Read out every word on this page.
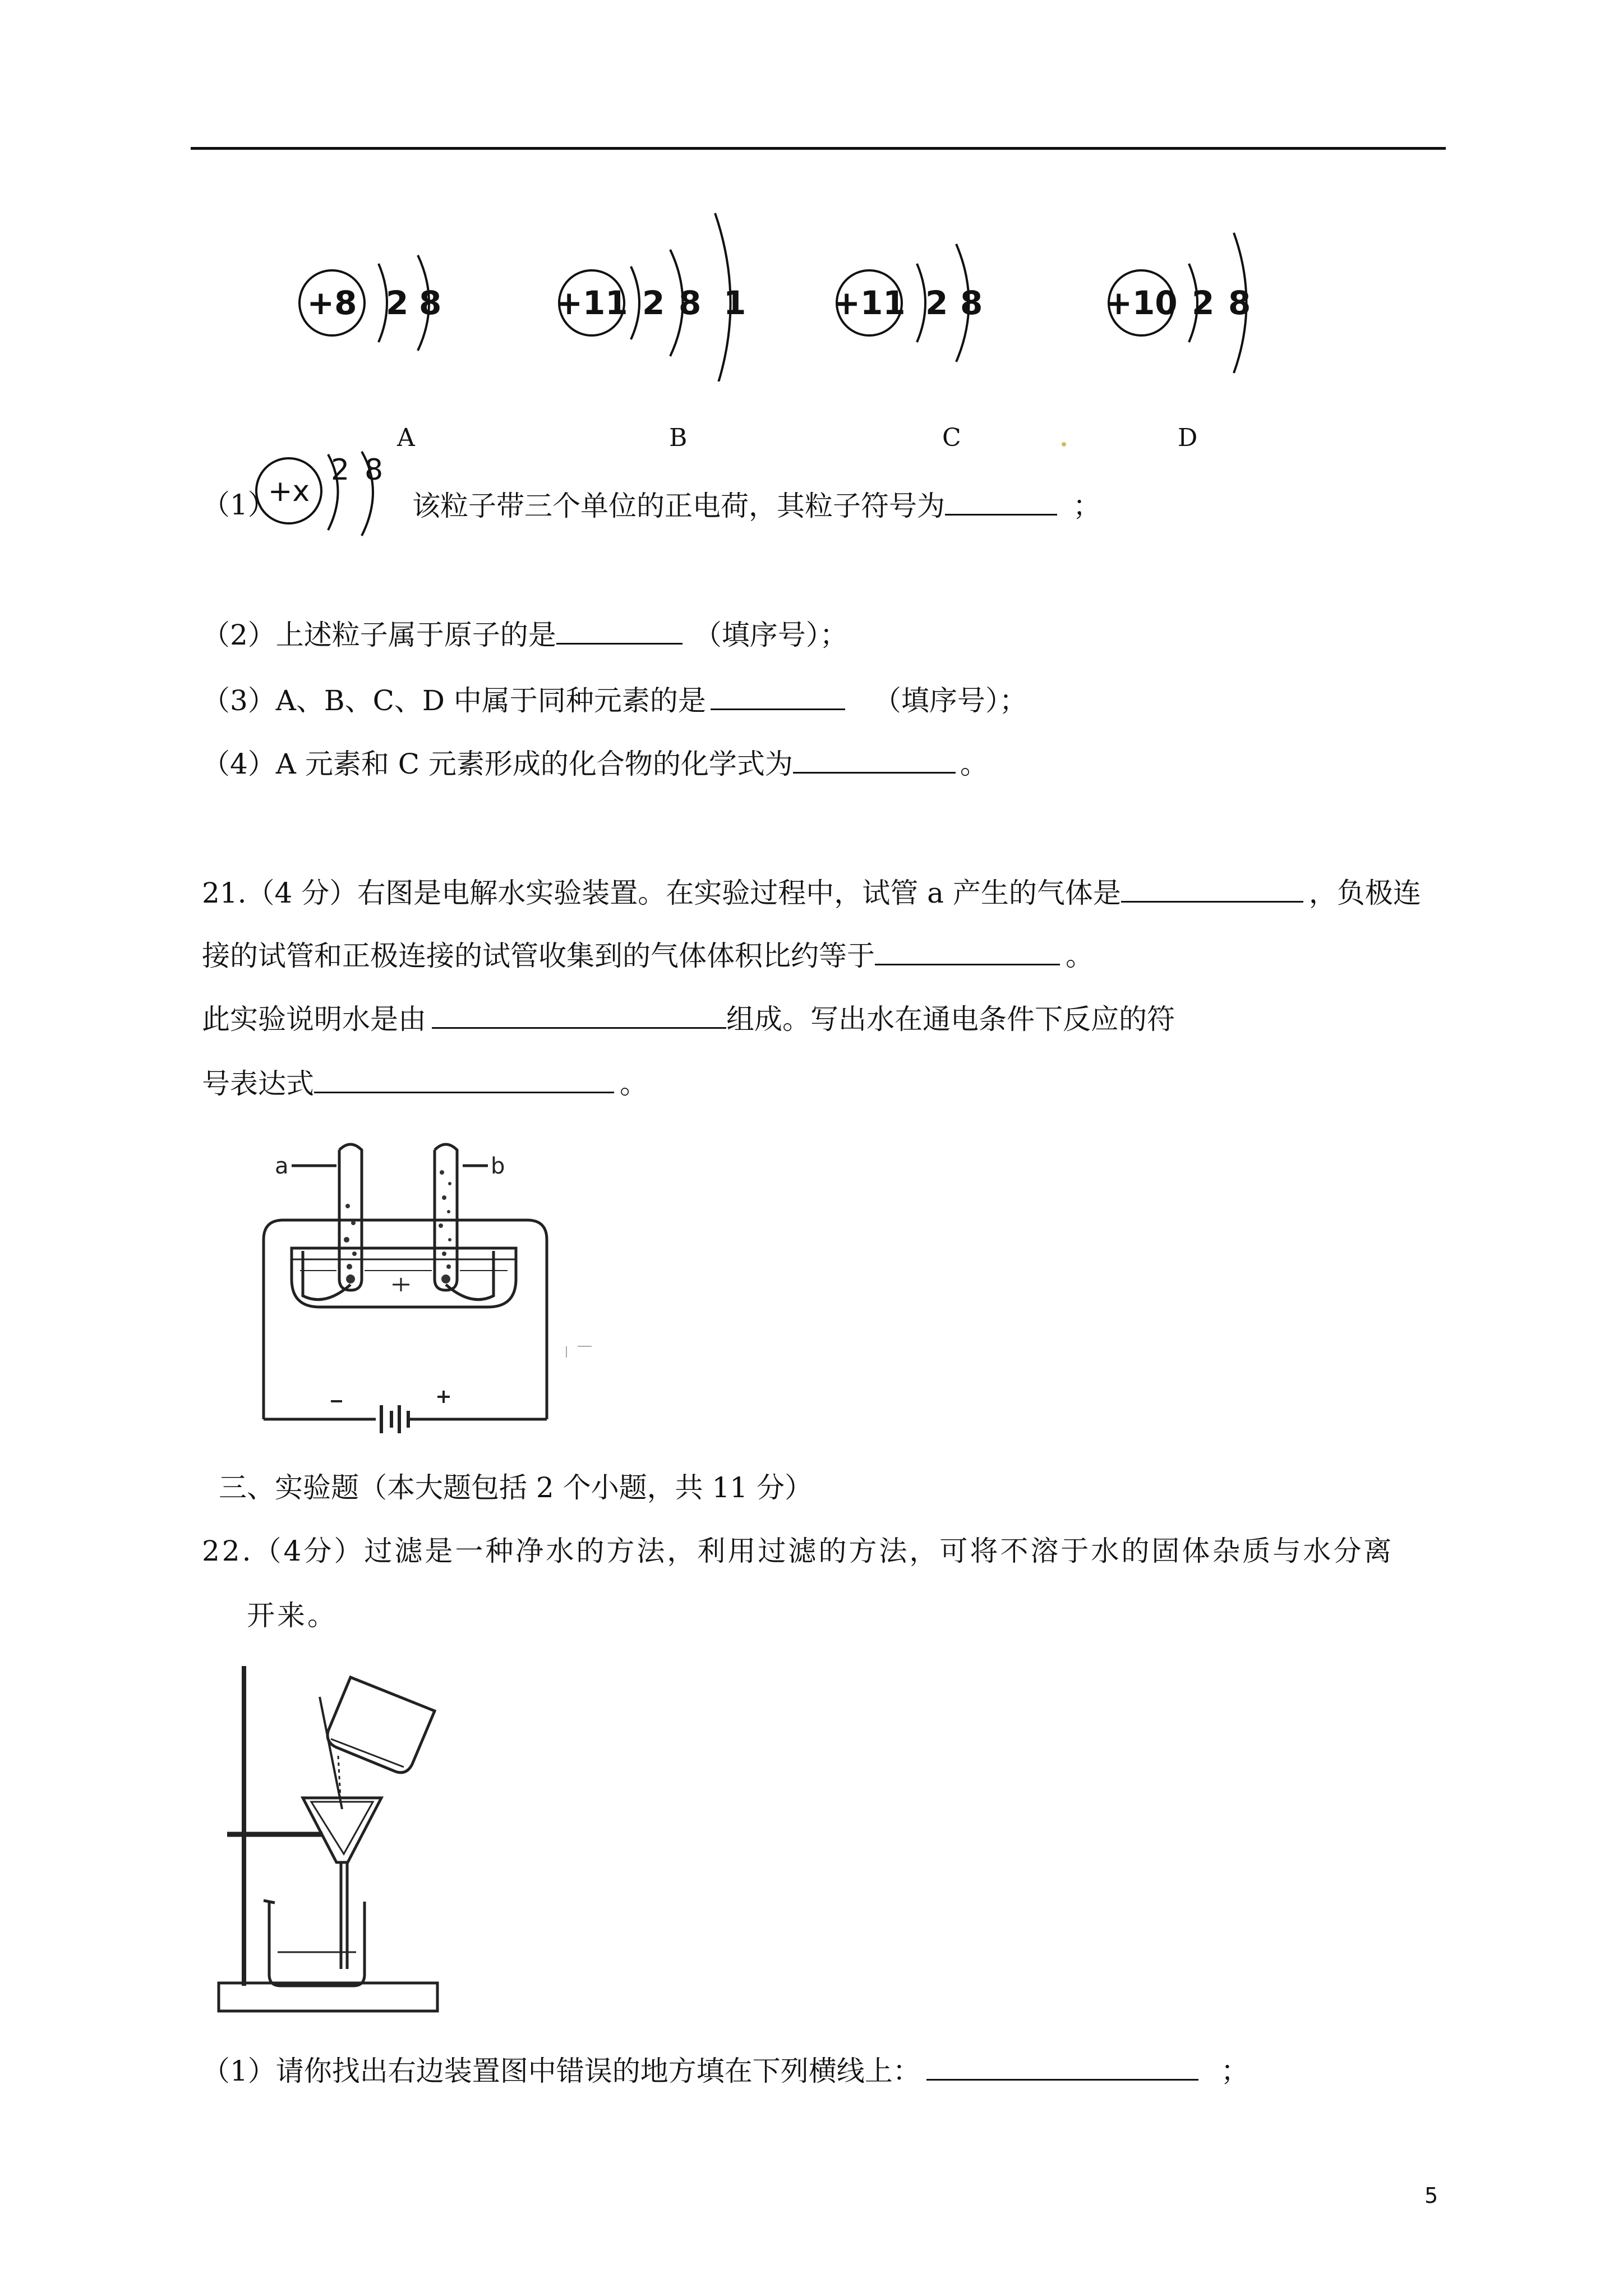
+8 2 8	+11 2 8 1	+11 2 8	+10 2 8
A	B	C	D
（1）
+x
2 8
该粒子带三个单位的正电荷，其粒子符号为	；
（2）上述粒子属于原子的是	（填序号）；
（3）A、B、C、D 中属于同种元素的是	（填序号）；
（4）A 元素和 C 元素形成的化合物的化学式为	。
21.（4 分）右图是电解水实验装置。在实验过程中，试管 a 产生的气体是	，负极连
接的试管和正极连接的试管收集到的气体体积比约等于	。
此实验说明水是由	组成。写出水在通电条件下反应的符
号表达式	。
a	b
三、实验题（本大题包括 2 个小题，共 11 分）
22.（4分）过滤是一种净水的方法，利用过滤的方法，可将不溶于水的固体杂质与水分离
开来。
（1）请你找出右边装置图中错误的地方填在下列横线上：	；
5
